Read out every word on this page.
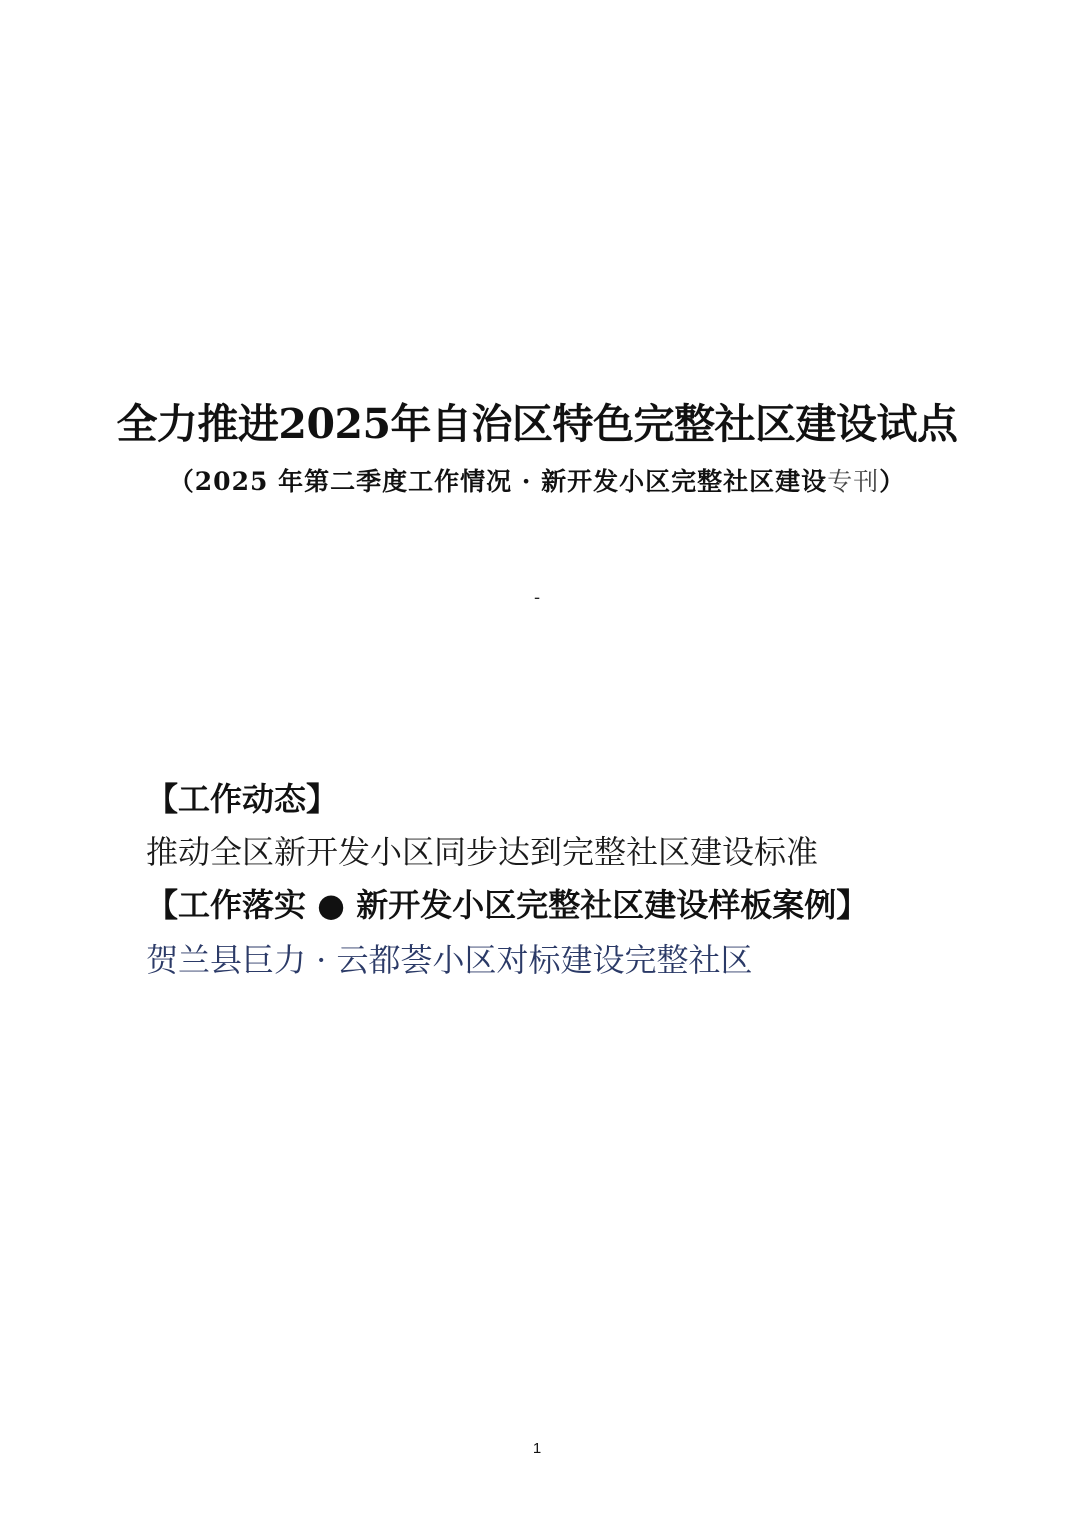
全力推进2025年自治区特色完整社区建设试点
（2025 年第二季度工作情况 · 新开发小区完整社区建设专刊）
-
【工作动态】
推动全区新开发小区同步达到完整社区建设标准
【工作落实 ● 新开发小区完整社区建设样板案例】
贺兰县巨力 · 云都荟小区对标建设完整社区
1
